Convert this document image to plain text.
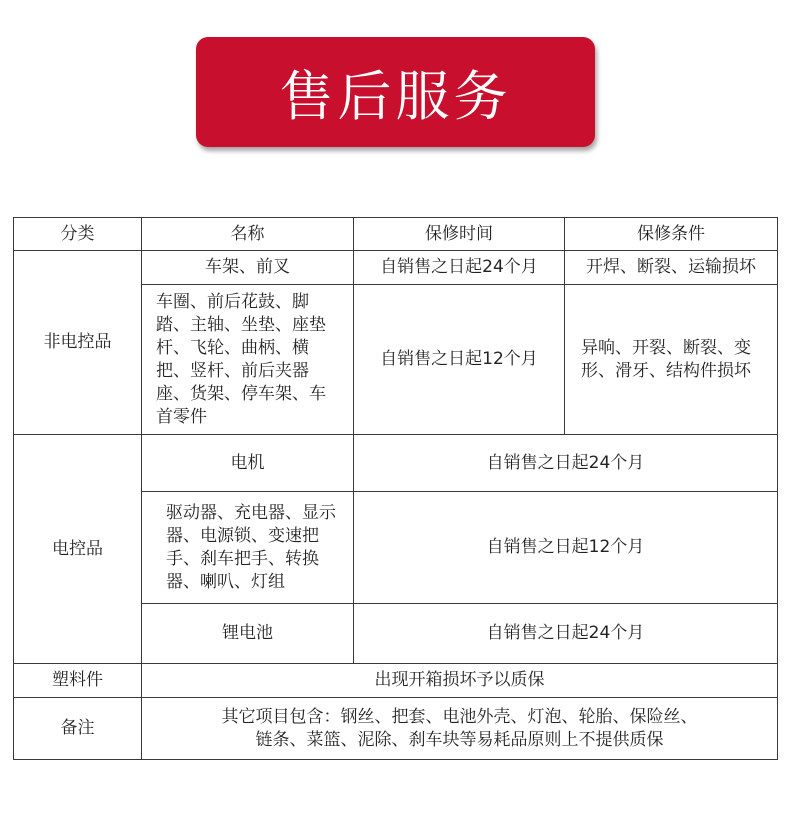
售后服务
分类	名称	保修时间	保修条件
非电控品	车架、前叉	自销售之日起24个月	开焊、断裂、运输损坏
	车圈、前后花鼓、脚踏、主轴、坐垫、座垫杆、飞轮、曲柄、横把、竖杆、前后夹器座、货架、停车架、车首零件	自销售之日起12个月	异响、开裂、断裂、变形、滑牙、结构件损坏
电控品	电机	自销售之日起24个月	
	驱动器、充电器、显示器、电源锁、变速把手、刹车把手、转换器、喇叭、灯组	自销售之日起12个月	
	锂电池	自销售之日起24个月	
塑料件	出现开箱损坏予以质保		
备注	其它项目包含：钢丝、把套、电池外壳、灯泡、轮胎、保险丝、链条、菜篮、泥除、刹车块等易耗品原则上不提供质保		
